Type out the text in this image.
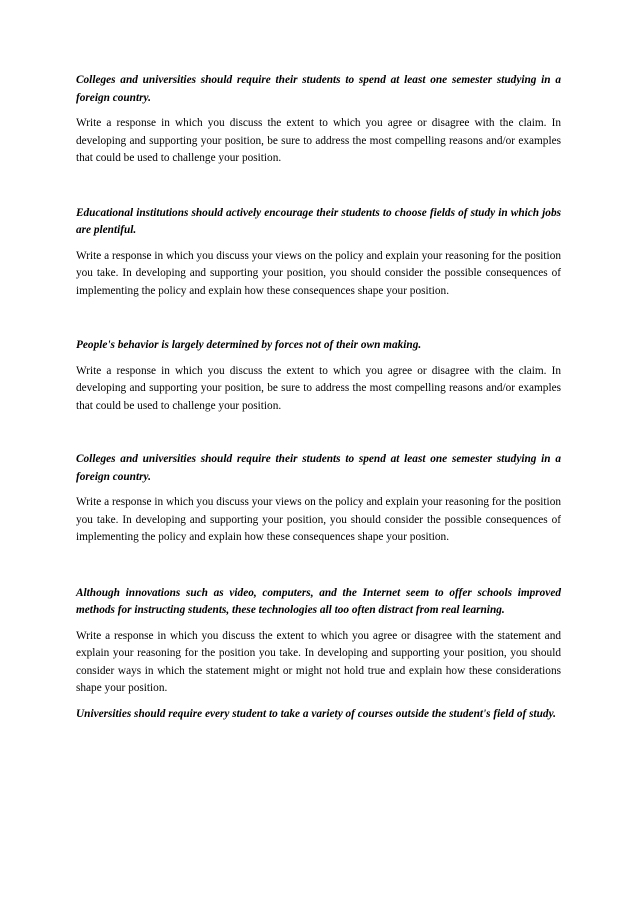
Colleges and universities should require their students to spend at least one semester studying in a foreign country.

Write a response in which you discuss the extent to which you agree or disagree with the claim. In developing and supporting your position, be sure to address the most compelling reasons and/or examples that could be used to challenge your position.

Educational institutions should actively encourage their students to choose fields of study in which jobs are plentiful.

Write a response in which you discuss your views on the policy and explain your reasoning for the position you take. In developing and supporting your position, you should consider the possible consequences of implementing the policy and explain how these consequences shape your position.

People's behavior is largely determined by forces not of their own making.

Write a response in which you discuss the extent to which you agree or disagree with the claim. In developing and supporting your position, be sure to address the most compelling reasons and/or examples that could be used to challenge your position.

Colleges and universities should require their students to spend at least one semester studying in a foreign country.

Write a response in which you discuss your views on the policy and explain your reasoning for the position you take. In developing and supporting your position, you should consider the possible consequences of implementing the policy and explain how these consequences shape your position.

Although innovations such as video, computers, and the Internet seem to offer schools improved methods for instructing students, these technologies all too often distract from real learning.

Write a response in which you discuss the extent to which you agree or disagree with the statement and explain your reasoning for the position you take. In developing and supporting your position, you should consider ways in which the statement might or might not hold true and explain how these considerations shape your position.

Universities should require every student to take a variety of courses outside the student's field of study.
